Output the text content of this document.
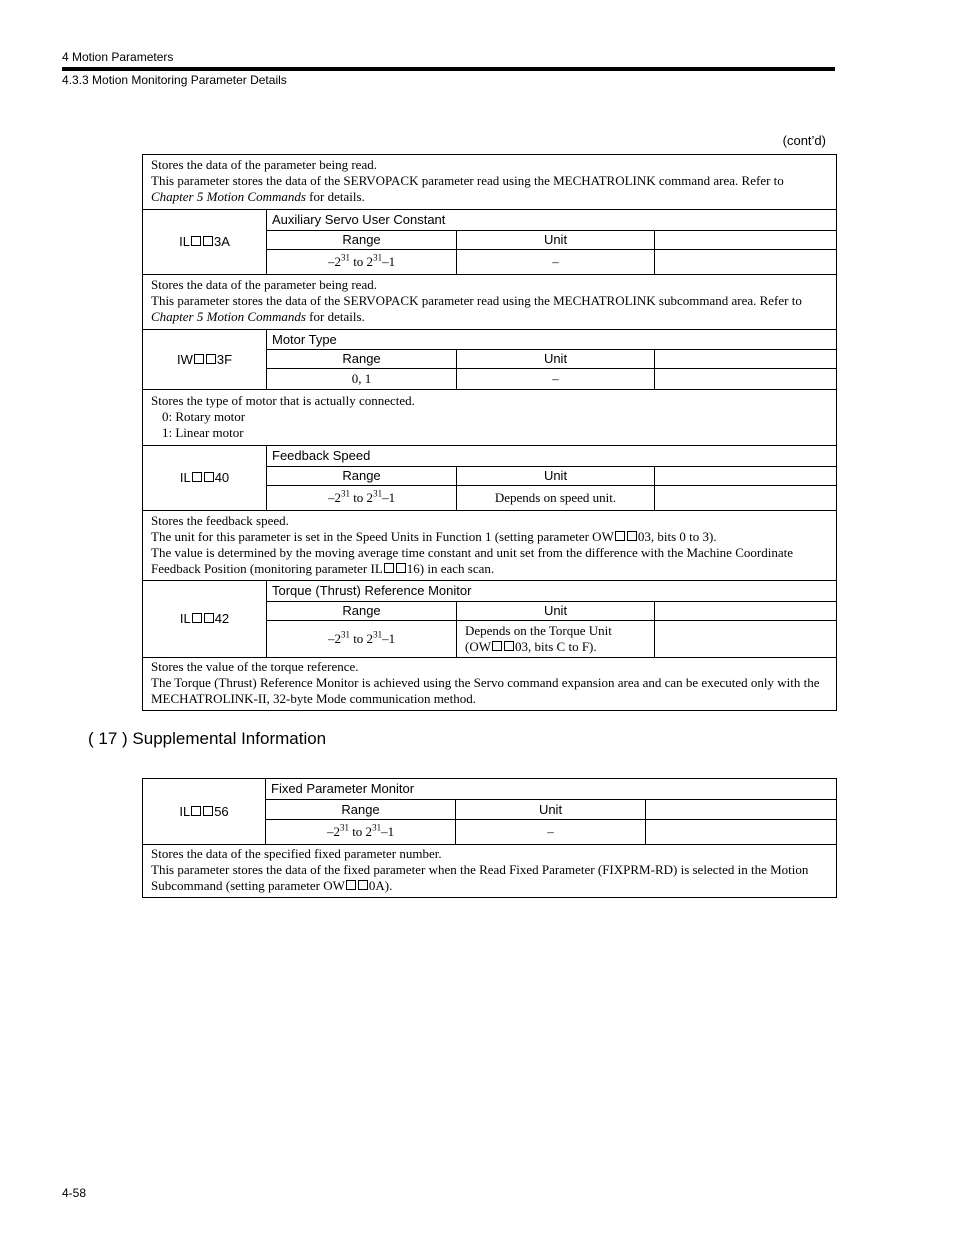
4 Motion Parameters
4.3.3 Motion Monitoring Parameter Details
(cont’d)
Stores the data of the parameter being read.
This parameter stores the data of the SERVOPACK parameter read using the MECHATROLINK command area. Refer to
Chapter 5 Motion Commands for details.			

IL 3A	Auxiliary Servo User Constant		
	Range	Unit	
	$-2^{31}$ to $2^{31}-1$	–	

Stores the data of the parameter being read.
This parameter stores the data of the SERVOPACK parameter read using the MECHATROLINK subcommand area. Refer to
Chapter 5 Motion Commands for details.			

IW 3F	Motor Type		
	Range	Unit	
	0, 1	–	

Stores the type of motor that is actually connected.
0: Rotary motor
1: Linear motor			

IL 40	Feedback Speed		
	Range	Unit	
	$-2^{31}$ to $2^{31}-1$	Depends on speed unit.	

Stores the feedback speed.
The unit for this parameter is set in the Speed Units in Function 1 (setting parameter OW 03, bits 0 to 3).
The value is determined by the moving average time constant and unit set from the difference with the Machine Coordinate
Feedback Position (monitoring parameter IL 16) in each scan.			

IL 42	Torque (Thrust) Reference Monitor		
	Range	Unit	
	$-2^{31}$ to $2^{31}-1$	Depends on the Torque Unit
(OW 03, bits C to F).	

Stores the value of the torque reference.
The Torque (Thrust) Reference Monitor is achieved using the Servo command expansion area and can be executed only with the
MECHATROLINK-II, 32-byte Mode communication method.			
( 17 ) Supplemental Information
IL 56	Fixed Parameter Monitor		
	Range	Unit	
	$-2^{31}$ to $2^{31}-1$	–	

Stores the data of the specified fixed parameter number.
This parameter stores the data of the fixed parameter when the Read Fixed Parameter (FIXPRM-RD) is selected in the Motion
Subcommand (setting parameter OW 0A).			
4-58
